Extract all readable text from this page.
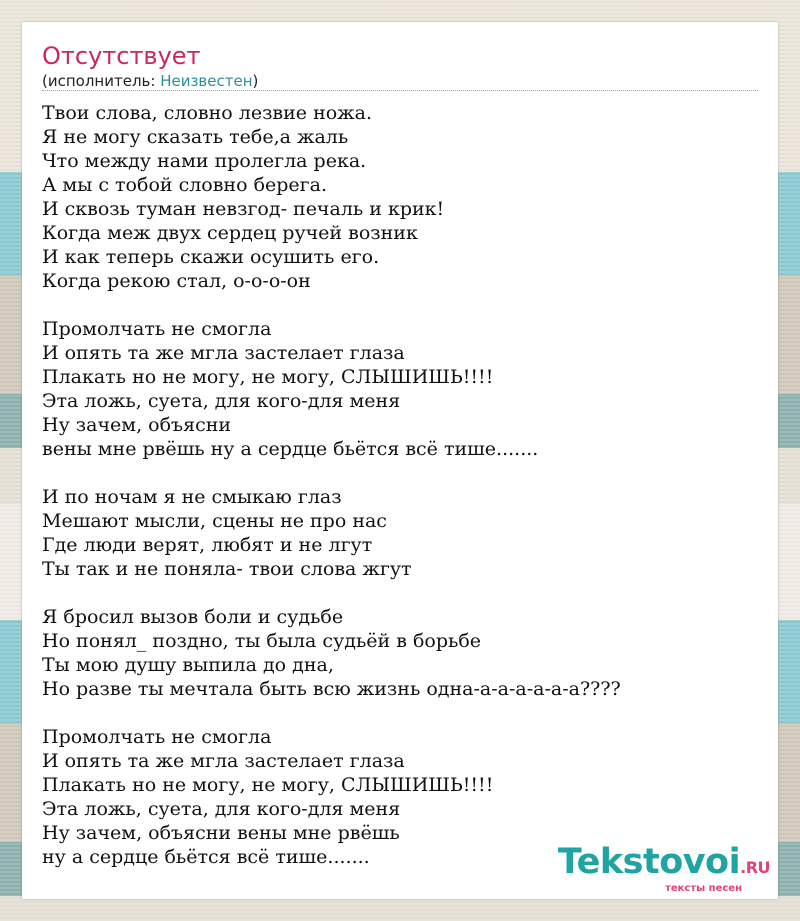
Отсутствует
(исполнитель: Неизвестен)
Твои слова, словно лезвие ножа.
Я не могу сказать тебе,а жаль
Что между нами пролегла река.
А мы с тобой словно берега.
И сквозь туман невзгод- печаль и крик!
Когда меж двух сердец ручей возник
И как теперь скажи осушить его.
Когда рекою стал, о-о-о-он

Промолчать не смогла
И опять та же мгла застелает глаза
Плакать но не могу, не могу, СЛЫШИШЬ!!!!
Эта ложь, суета, для кого-для меня
Ну зачем, объясни
вены мне рвёшь ну а сердце бьётся всё тише.......

И по ночам я не смыкаю глаз
Мешают мысли, сцены не про нас
Где люди верят, любят и не лгут
Ты так и не поняла- твои слова жгут

Я бросил вызов боли и судьбе
Но понял_ поздно, ты была судьёй в борьбе
Ты мою душу выпила до дна,
Но разве ты мечтала быть всю жизнь одна-а-а-а-а-а-а????

Промолчать не смогла
И опять та же мгла застелает глаза
Плакать но не могу, не могу, СЛЫШИШЬ!!!!
Эта ложь, суета, для кого-для меня
Ну зачем, объясни вены мне рвёшь
ну а сердце бьётся всё тише.......	Tekstovoi.RU
тексты песен
